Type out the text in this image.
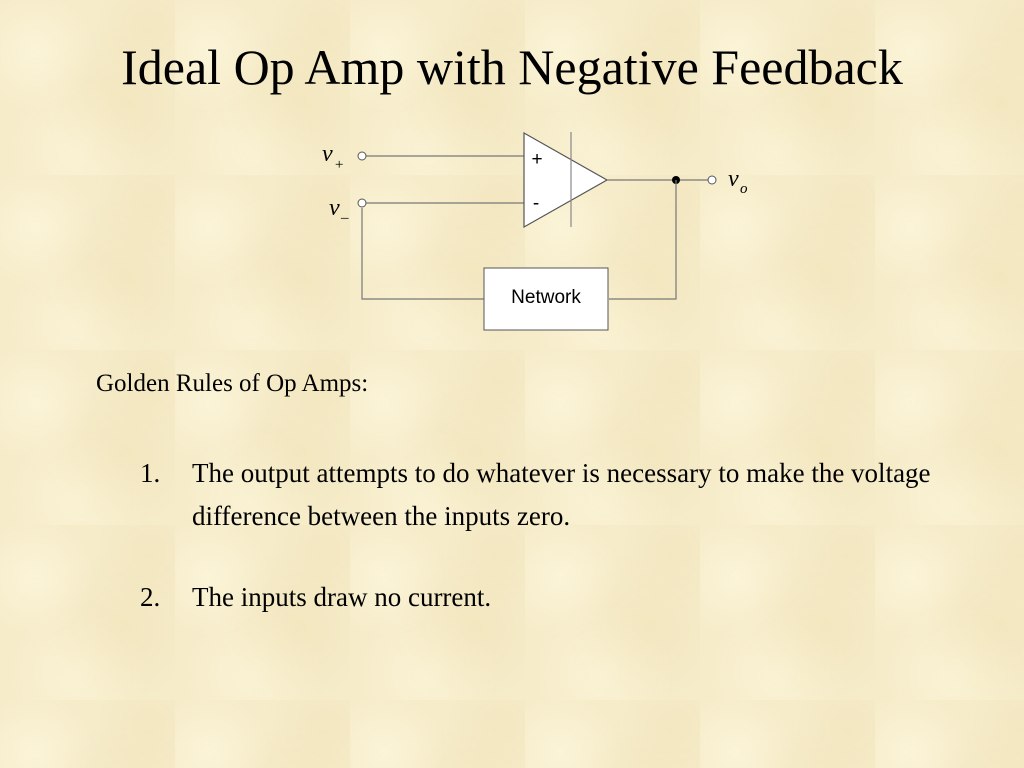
Ideal Op Amp with Negative Feedback
Network
+
-
v +
v –
v o
Golden Rules of Op Amps:
1. The output attempts to do whatever is necessary to make the voltage difference between the inputs zero.
2. The inputs draw no current.
